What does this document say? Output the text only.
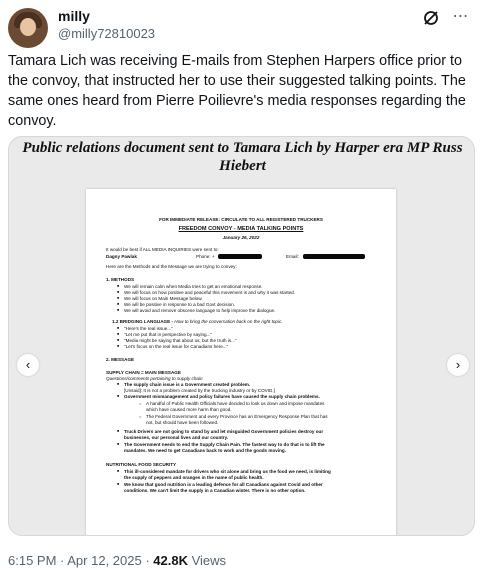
milly
@milly72810023
⋯
Tamara Lich was receiving E-mails from Stephen Harpers office prior to the convoy, that instructed her to use their suggested talking points. The same ones heard from Pierre Poilievre's media responses regarding the convoy.
Public relations document sent to Tamara Lich by Harper era MP Russ Hiebert
FOR IMMEDIATE RELEASE: CIRCULATE TO ALL REGISTERED TRUCKERS
FREEDOM CONVOY - MEDIA TALKING POINTS
January 26, 2022
It would be best if ALL MEDIA INQUIRIES were sent to:
Dagny Pawlak	Phone: +	Email:
Here are the Methods and the Message we are trying to convey:
1. METHODS
■ We will remain calm when Media tries to get an emotional response.
■ We will focus on how positive and peaceful this movement is and why it was started.
■ We will focus on Main Message below.
■ We will be positive in response to a bad Govt decision.
■ We will avoid and remove obscene language to help improve the dialogue.
1.2 BRIDGING LANGUAGE - How to bring the conversation back on the right topic.
■ "Here's the real issue..."
■ "Let me put that in perspective by saying..."
■ "Media might be saying that about us, but the truth is..."
■ "Let's focus on the real issue for Canadians here..."
2. MESSAGE
SUPPLY CHAIN = MAIN MESSAGE
Questions/comments pertaining to supply chain
■ The supply chain issue is a Government created problem.
[Unsaid]: It is not a problem created by the trucking industry or by COVID.]
■ Government mismanagement and policy failures have caused the supply chain problems.
○ A handful of Public Health Officials have decided to look us down and impose mandates
which have caused more harm than good.
○ The Federal Government and every Province has an Emergency Response Plan that has
not, but should have been followed.
■ Truck Drivers are not going to stand by and let misguided Government policies destroy our
businesses, our personal lives and our country.
■ The Government needs to end the Supply Chain Pain. The fastest way to do that is to lift the
mandates. We need to get Canadians back to work and the goods moving.
NUTRITIONAL FOOD SECURITY
■ This ill-considered mandate for drivers who sit alone and bring us the food we need, is limiting
the supply of peppers and oranges in the name of public health.
■ We know that good nutrition is a leading defence for all Canadians against Covid and other
conditions. We can't limit the supply in a Canadian winter. There is no other option.
‹	›
6:15 PM · Apr 12, 2025 · 42.8K Views
